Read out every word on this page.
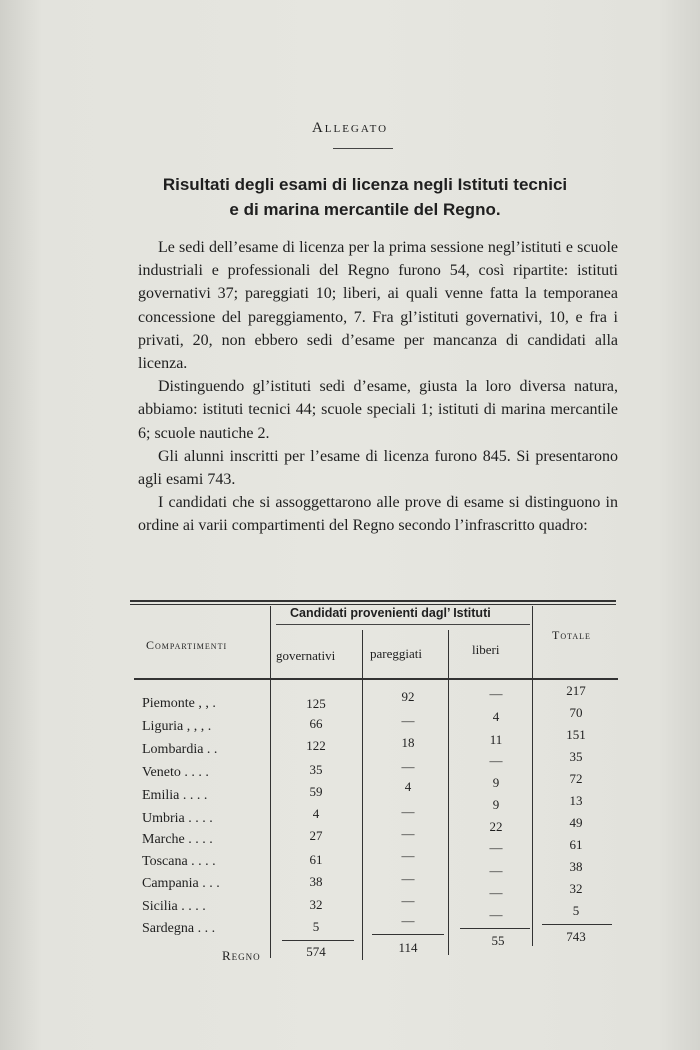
Allegato
Risultati degli esami di licenza negli Istituti tecnici
e di marina mercantile del Regno.

Le sedi dell’esame di licenza per la prima sessione negl’istituti e scuole industriali e professionali del Regno furono 54, così ripartite: istituti governativi 37; pareggiati 10; liberi, ai quali venne fatta la temporanea concessione del pareggiamento, 7. Fra gl’istituti governativi, 10, e fra i privati, 20, non ebbero sedi d’esame per mancanza di candidati alla licenza.

Distinguendo gl’istituti sedi d’esame, giusta la loro diversa natura, abbiamo: istituti tecnici 44; scuole speciali 1; istituti di marina mercantile 6; scuole nautiche 2.

Gli alunni inscritti per l’esame di licenza furono 845. Si presentarono agli esami 743.

I candidati che si assoggettarono alle prove di esame si distinguono in ordine ai varii compartimenti del Regno secondo l’infrascritto quadro:

Compartimenti
Candidati provenienti dagl’ Istituti
governativi	pareggiati	liberi
Totale
Piemonte , , .
Liguria , , , .
Lombardia . .
Veneto . . . .
Emilia . . . .
Umbria . . . .
Marche . . . .
Toscana . . . .
Campania . . .
Sicilia . . . .
Sardegna . . .
125
66
122
35
59
4
27
61
38
32
5
574
92
—
18
—
4
—
—
—
—
—
—
114
—
4
11
—
9
9
22
—
—
—
—
55
217
70
151
35
72
13
49
61
38
32
5
743
Regno
